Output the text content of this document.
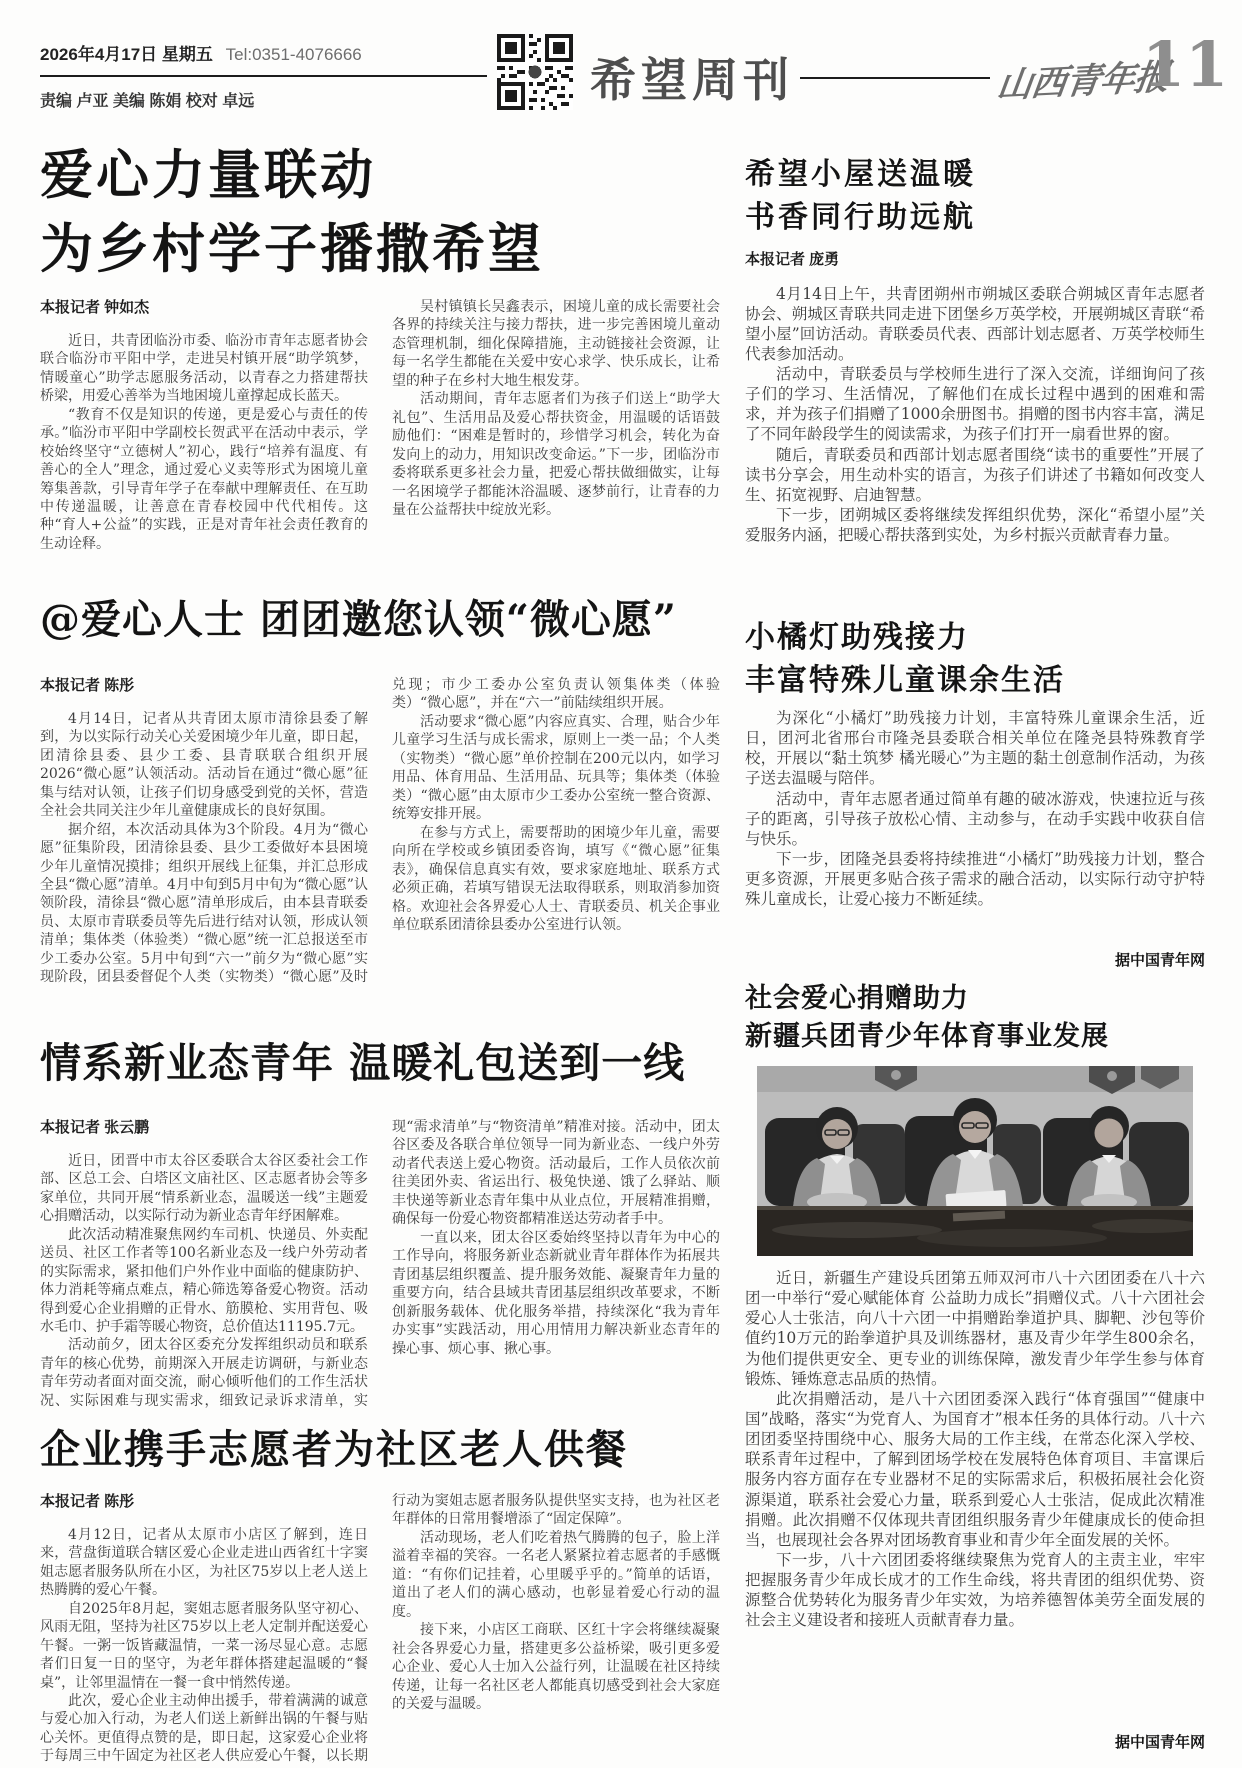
2026年4月17日 星期五 Tel:0351-4076666
责编 卢亚 美编 陈娟 校对 卓远	希望周刊	山西青年报
11
爱心力量联动
为乡村学子播撒希望
本报记者 钟如杰

近日，共青团临汾市委、临汾市青年志愿者协会联合临汾市平阳中学，走进吴村镇开展“助学筑梦，情暖童心”助学志愿服务活动，以青春之力搭建帮扶桥梁，用爱心善举为当地困境儿童撑起成长蓝天。

“教育不仅是知识的传递，更是爱心与责任的传承。”临汾市平阳中学副校长贺武平在活动中表示，学校始终坚守“立德树人”初心，践行“培养有温度、有善心的全人”理念，通过爱心义卖等形式为困境儿童筹集善款，引导青年学子在奉献中理解责任、在互助中传递温暖，让善意在青春校园中代代相传。这种“育人+公益”的实践，正是对青年社会责任教育的生动诠释。

吴村镇镇长吴鑫表示，困境儿童的成长需要社会各界的持续关注与接力帮扶，进一步完善困境儿童动态管理机制，细化保障措施，主动链接社会资源，让每一名学生都能在关爱中安心求学、快乐成长，让希望的种子在乡村大地生根发芽。

活动期间，青年志愿者们为孩子们送上“助学大礼包”、生活用品及爱心帮扶资金，用温暖的话语鼓励他们：“困难是暂时的，珍惜学习机会，转化为奋发向上的动力，用知识改变命运。”下一步，团临汾市委将联系更多社会力量，把爱心帮扶做细做实，让每一名困境学子都能沐浴温暖、逐梦前行，让青春的力量在公益帮扶中绽放光彩。

@爱心人士 团团邀您认领“微心愿”
本报记者 陈彤

4月14日，记者从共青团太原市清徐县委了解到，为以实际行动关心关爱困境少年儿童，即日起，团清徐县委、县少工委、县青联联合组织开展2026“微心愿”认领活动。活动旨在通过“微心愿”征集与结对认领，让孩子们切身感受到党的关怀，营造全社会共同关注少年儿童健康成长的良好氛围。

据介绍，本次活动具体为3个阶段。4月为“微心愿”征集阶段，团清徐县委、县少工委做好本县困境少年儿童情况摸排；组织开展线上征集，并汇总形成全县“微心愿”清单。4月中旬到5月中旬为“微心愿”认领阶段，清徐县“微心愿”清单形成后，由本县青联委员、太原市青联委员等先后进行结对认领，形成认领清单；集体类（体验类）“微心愿”统一汇总报送至市少工委办公室。5月中旬到“六一”前夕为“微心愿”实现阶段，团县委督促个人类（实物类）“微心愿”及时兑现；市少工委办公室负责认领集体类（体验类）“微心愿”，并在“六一”前陆续组织开展。

活动要求“微心愿”内容应真实、合理，贴合少年儿童学习生活与成长需求，原则上一类一品；个人类（实物类）“微心愿”单价控制在200元以内，如学习用品、体育用品、生活用品、玩具等；集体类（体验类）“微心愿”由太原市少工委办公室统一整合资源、统筹安排开展。

在参与方式上，需要帮助的困境少年儿童，需要向所在学校或乡镇团委咨询，填写《“微心愿”征集表》，确保信息真实有效，要求家庭地址、联系方式必须正确，若填写错误无法取得联系，则取消参加资格。欢迎社会各界爱心人士、青联委员、机关企事业单位联系团清徐县委办公室进行认领。

情系新业态青年 温暖礼包送到一线
本报记者 张云鹏

近日，团晋中市太谷区委联合太谷区委社会工作部、区总工会、白塔区文庙社区、区志愿者协会等多家单位，共同开展“情系新业态，温暖送一线”主题爱心捐赠活动，以实际行动为新业态青年纾困解难。

此次活动精准聚焦网约车司机、快递员、外卖配送员、社区工作者等100名新业态及一线户外劳动者的实际需求，紧扣他们户外作业中面临的健康防护、体力消耗等痛点难点，精心筛选筹备爱心物资。活动得到爱心企业捐赠的正骨水、筋膜枪、实用背包、吸水毛巾、护手霜等暖心物资，总价值达11195.7元。

活动前夕，团太谷区委充分发挥组织动员和联系青年的核心优势，前期深入开展走访调研，与新业态青年劳动者面对面交流，耐心倾听他们的工作生活状况、实际困难与现实需求，细致记录诉求清单，实现“需求清单”与“物资清单”精准对接。活动中，团太谷区委及各联合单位领导一同为新业态、一线户外劳动者代表送上爱心物资。活动最后，工作人员依次前往美团外卖、省运出行、极兔快递、饿了么驿站、顺丰快递等新业态青年集中从业点位，开展精准捐赠，确保每一份爱心物资都精准送达劳动者手中。

一直以来，团太谷区委始终坚持以青年为中心的工作导向，将服务新业态新就业青年群体作为拓展共青团基层组织覆盖、提升服务效能、凝聚青年力量的重要方向，结合县域共青团基层组织改革要求，不断创新服务载体、优化服务举措，持续深化“我为青年办实事”实践活动，用心用情用力解决新业态青年的操心事、烦心事、揪心事。

企业携手志愿者为社区老人供餐
本报记者 陈彤

4月12日，记者从太原市小店区了解到，连日来，营盘街道联合辖区爱心企业走进山西省红十字窦姐志愿者服务队所在小区，为社区75岁以上老人送上热腾腾的爱心午餐。

自2025年8月起，窦姐志愿者服务队坚守初心、风雨无阻，坚持为社区75岁以上老人定制并配送爱心午餐。一粥一饭皆藏温情，一菜一汤尽显心意。志愿者们日复一日的坚守，为老年群体搭建起温暖的“餐桌”，让邻里温情在一餐一食中悄然传递。

此次，爱心企业主动伸出援手，带着满满的诚意与爱心加入行动，为老人们送上新鲜出锅的午餐与贴心关怀。更值得点赞的是，即日起，这家爱心企业将于每周三中午固定为社区老人供应爱心午餐，以长期行动为窦姐志愿者服务队提供坚实支持，也为社区老年群体的日常用餐增添了“固定保障”。

活动现场，老人们吃着热气腾腾的包子，脸上洋溢着幸福的笑容。一名老人紧紧拉着志愿者的手感慨道：“有你们记挂着，心里暖乎乎的。”简单的话语，道出了老人们的满心感动，也彰显着爱心行动的温度。

接下来，小店区工商联、区红十字会将继续凝聚社会各界爱心力量，搭建更多公益桥梁，吸引更多爱心企业、爱心人士加入公益行列，让温暖在社区持续传递，让每一名社区老人都能真切感受到社会大家庭的关爱与温暖。

希望小屋送温暖
书香同行助远航
本报记者 庞勇

4月14日上午，共青团朔州市朔城区委联合朔城区青年志愿者协会、朔城区青联共同走进下团堡乡万英学校，开展朔城区青联“希望小屋”回访活动。青联委员代表、西部计划志愿者、万英学校师生代表参加活动。

活动中，青联委员与学校师生进行了深入交流，详细询问了孩子们的学习、生活情况，了解他们在成长过程中遇到的困难和需求，并为孩子们捐赠了1000余册图书。捐赠的图书内容丰富，满足了不同年龄段学生的阅读需求，为孩子们打开一扇看世界的窗。

随后，青联委员和西部计划志愿者围绕“读书的重要性”开展了读书分享会，用生动朴实的语言，为孩子们讲述了书籍如何改变人生、拓宽视野、启迪智慧。

下一步，团朔城区委将继续发挥组织优势，深化“希望小屋”关爱服务内涵，把暖心帮扶落到实处，为乡村振兴贡献青春力量。

小橘灯助残接力
丰富特殊儿童课余生活

为深化“小橘灯”助残接力计划，丰富特殊儿童课余生活，近日，团河北省邢台市隆尧县委联合相关单位在隆尧县特殊教育学校，开展以“黏土筑梦 橘光暖心”为主题的黏土创意制作活动，为孩子送去温暖与陪伴。

活动中，青年志愿者通过简单有趣的破冰游戏，快速拉近与孩子的距离，引导孩子放松心情、主动参与，在动手实践中收获自信与快乐。

下一步，团隆尧县委将持续推进“小橘灯”助残接力计划，整合更多资源，开展更多贴合孩子需求的融合活动，以实际行动守护特殊儿童成长，让爱心接力不断延续。

据中国青年网
社会爱心捐赠助力
新疆兵团青少年体育事业发展

近日，新疆生产建设兵团第五师双河市八十六团团委在八十六团一中举行“爱心赋能体育 公益助力成长”捐赠仪式。八十六团社会爱心人士张洁，向八十六团一中捐赠跆拳道护具、脚靶、沙包等价值约10万元的跆拳道护具及训练器材，惠及青少年学生800余名，为他们提供更安全、更专业的训练保障，激发青少年学生参与体育锻炼、锤炼意志品质的热情。

此次捐赠活动，是八十六团团委深入践行“体育强国”“健康中国”战略，落实“为党育人、为国育才”根本任务的具体行动。八十六团团委坚持围绕中心、服务大局的工作主线，在常态化深入学校、联系青年过程中，了解到团场学校在发展特色体育项目、丰富课后服务内容方面存在专业器材不足的实际需求后，积极拓展社会化资源渠道，联系社会爱心力量，联系到爱心人士张洁，促成此次精准捐赠。此次捐赠不仅体现共青团组织服务青少年健康成长的使命担当，也展现社会各界对团场教育事业和青少年全面发展的关怀。

下一步，八十六团团委将继续聚焦为党育人的主责主业，牢牢把握服务青少年成长成才的工作生命线，将共青团的组织优势、资源整合优势转化为服务青少年实效，为培养德智体美劳全面发展的社会主义建设者和接班人贡献青春力量。

据中国青年网
